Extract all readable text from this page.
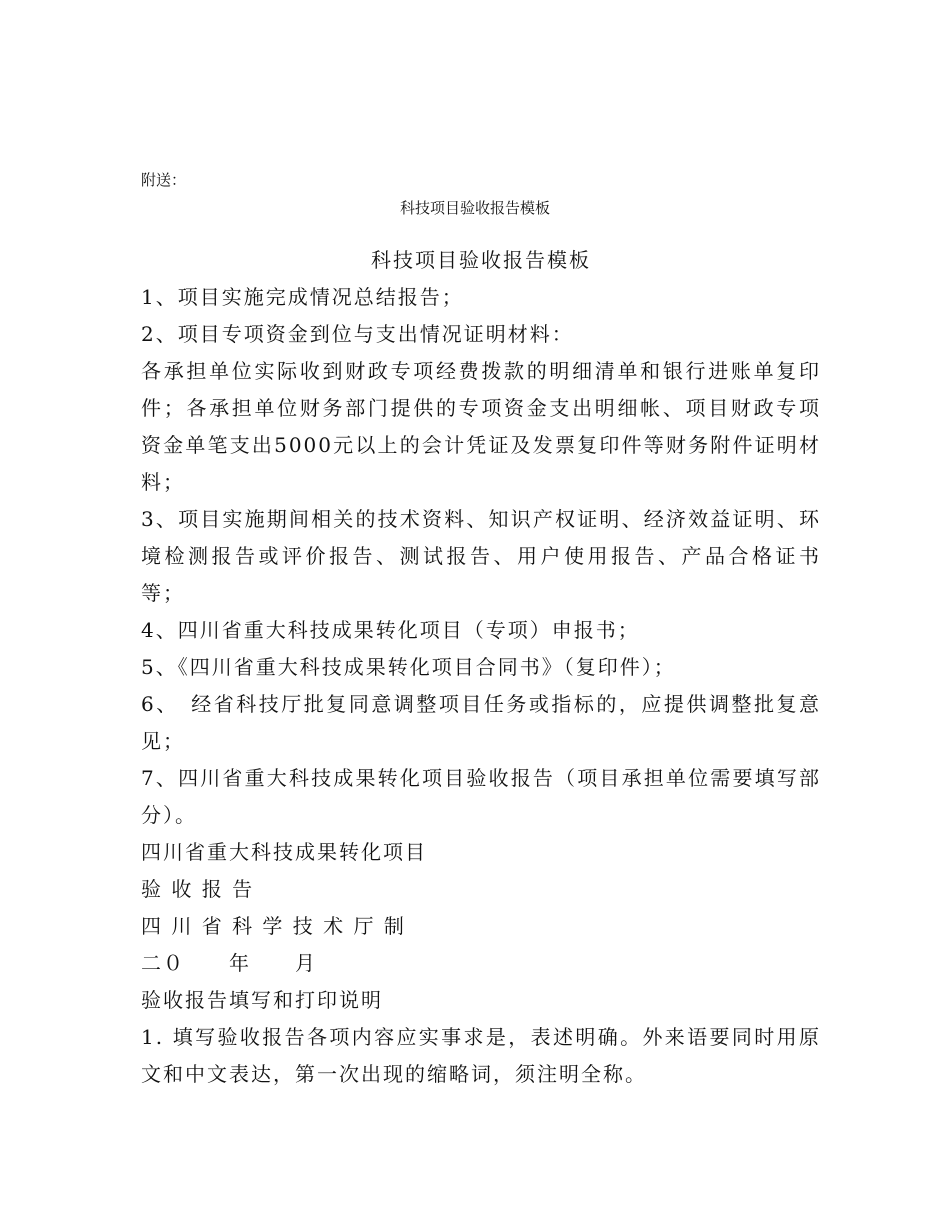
附送：
科技项目验收报告模板

科技项目验收报告模板

1、项目实施完成情况总结报告；

2、项目专项资金到位与支出情况证明材料：

各承担单位实际收到财政专项经费拨款的明细清单和银行进账单复印件；各承担单位财务部门提供的专项资金支出明细帐、项目财政专项资金单笔支出5000元以上的会计凭证及发票复印件等财务附件证明材料；

3、项目实施期间相关的技术资料、知识产权证明、经济效益证明、环境检测报告或评价报告、测试报告、用户使用报告、产品合格证书等；

4、四川省重大科技成果转化项目（专项）申报书；

5、《四川省重大科技成果转化项目合同书》（复印件）；

6、　经省科技厅批复同意调整项目任务或指标的，应提供调整批复意见；

7、四川省重大科技成果转化项目验收报告（项目承担单位需要填写部分）。

四川省重大科技成果转化项目

验 收 报 告

四 川 省 科 学 技 术 厅 制

二０　　年　　月

验收报告填写和打印说明

1. 填写验收报告各项内容应实事求是，表述明确。外来语要同时用原文和中文表达，第一次出现的缩略词，须注明全称。
